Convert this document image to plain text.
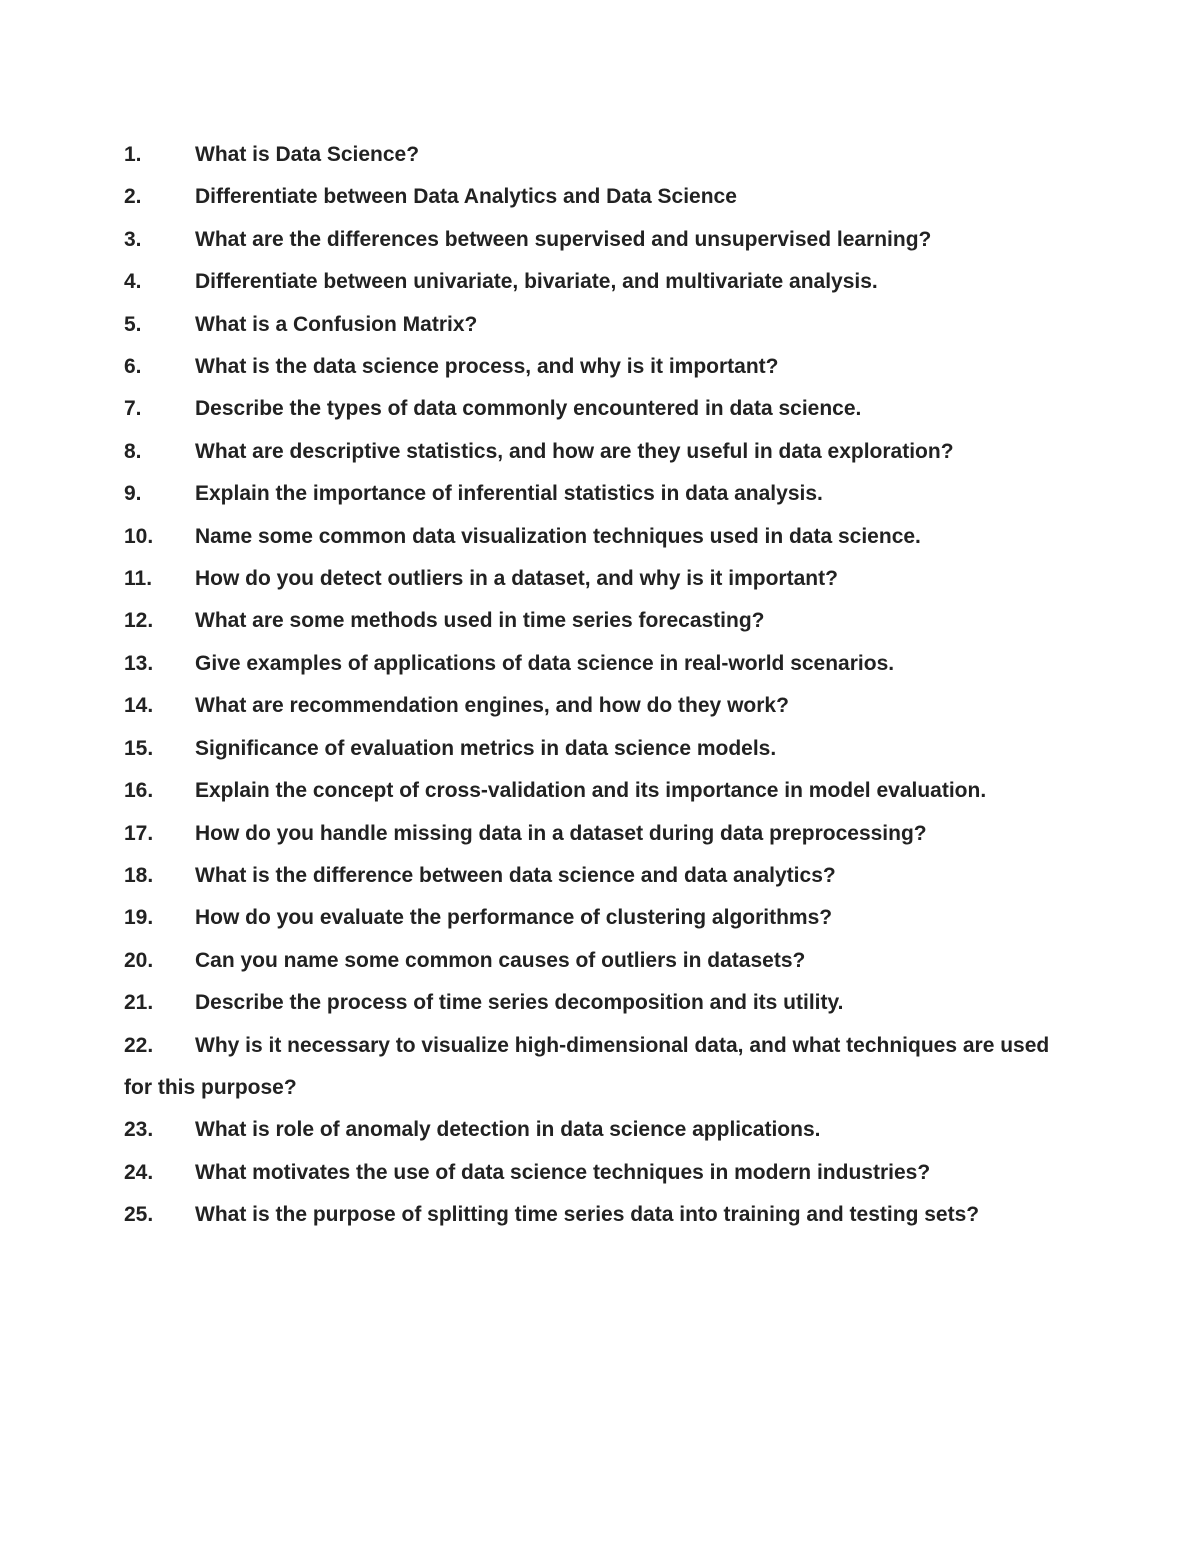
1.	What is Data Science?
2.	Differentiate between Data Analytics and Data Science
3.	What are the differences between supervised and unsupervised learning?
4.	Differentiate between univariate, bivariate, and multivariate analysis.
5.	What is a Confusion Matrix?
6.	What is the data science process, and why is it important?
7.	Describe the types of data commonly encountered in data science.
8.	What are descriptive statistics, and how are they useful in data exploration?
9.	Explain the importance of inferential statistics in data analysis.
10. Name some common data visualization techniques used in data science.
11. How do you detect outliers in a dataset, and why is it important?
12. What are some methods used in time series forecasting?
13. Give examples of applications of data science in real-world scenarios.
14. What are recommendation engines, and how do they work?
15. Significance of evaluation metrics in data science models.
16. Explain the concept of cross-validation and its importance in model evaluation.
17. How do you handle missing data in a dataset during data preprocessing?
18. What is the difference between data science and data analytics?
19. How do you evaluate the performance of clustering algorithms?
20. Can you name some common causes of outliers in datasets?
21. Describe the process of time series decomposition and its utility.
22. Why is it necessary to visualize high-dimensional data, and what techniques are used for this purpose?
23. What is role of anomaly detection in data science applications.
24. What motivates the use of data science techniques in modern industries?
25. What is the purpose of splitting time series data into training and testing sets?
